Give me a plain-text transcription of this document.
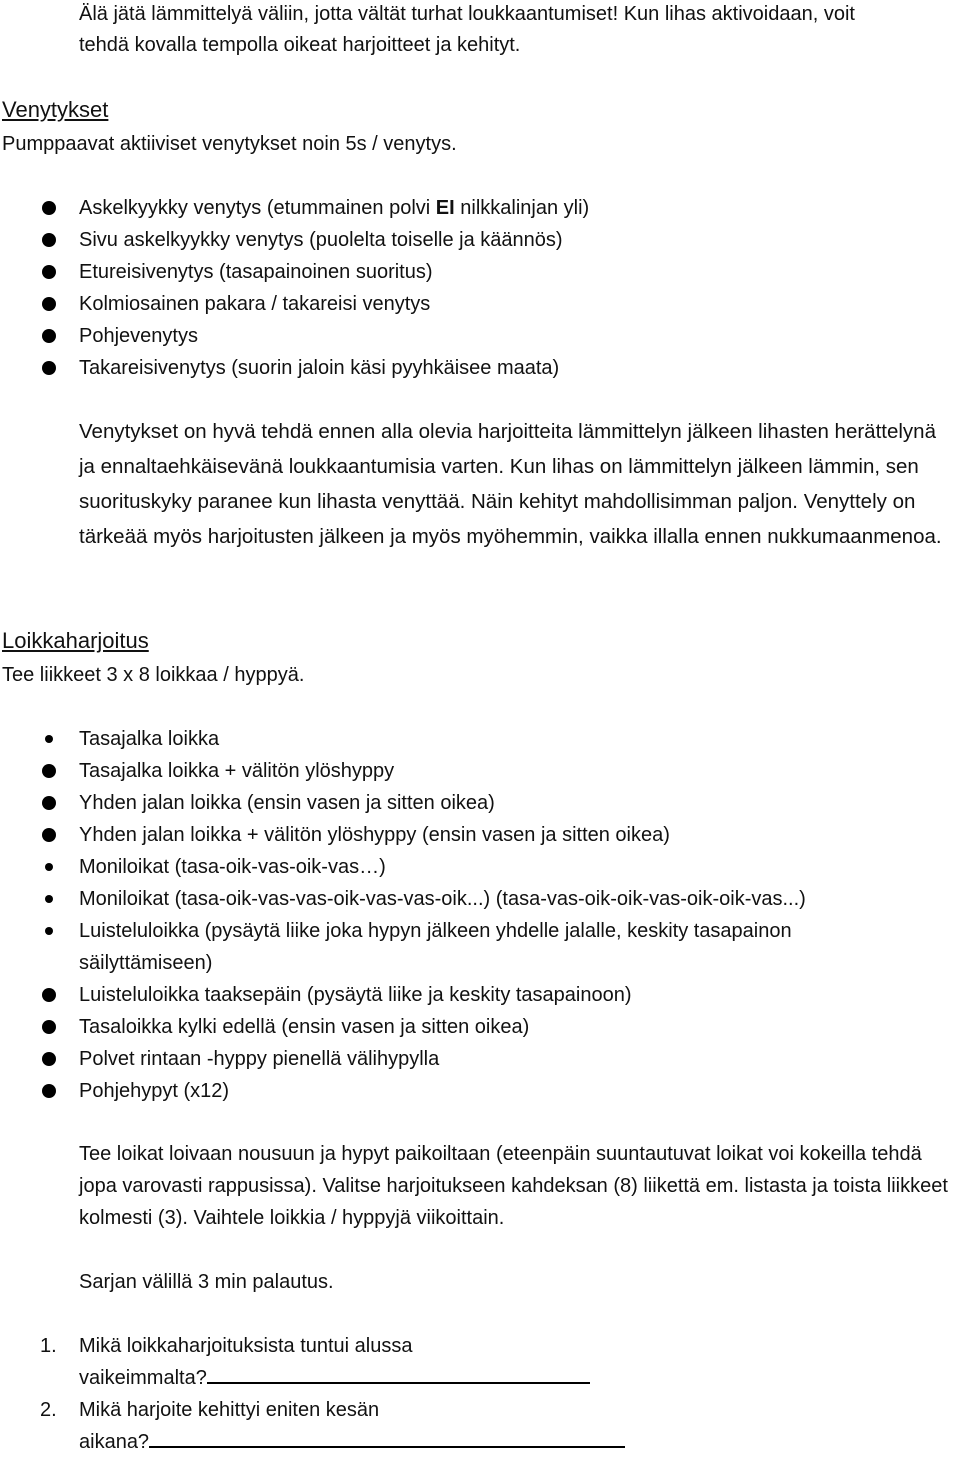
Älä jätä lämmittelyä väliin, jotta vältät turhat loukkaantumiset! Kun lihas aktivoidaan, voit
tehdä kovalla tempolla oikeat harjoitteet ja kehityt.
Venytykset
Pumppaavat aktiiviset venytykset noin 5s / venytys.
Askelkyykky venytys (etummainen polvi EI nilkkalinjan yli)
Sivu askelkyykky venytys (puolelta toiselle ja käännös)
Etureisivenytys (tasapainoinen suoritus)
Kolmiosainen pakara / takareisi venytys
Pohjevenytys
Takareisivenytys (suorin jaloin käsi pyyhkäisee maata)

Venytykset on hyvä tehdä ennen alla olevia harjoitteita lämmittelyn jälkeen lihasten herättelynä ja ennaltaehkäisevänä loukkaantumisia varten. Kun lihas on lämmittelyn jälkeen lämmin, sen suorituskyky paranee kun lihasta venyttää. Näin kehityt mahdollisimman paljon. Venyttely on tärkeää myös harjoitusten jälkeen ja myös myöhemmin, vaikka illalla ennen nukkumaanmenoa.

Loikkaharjoitus
Tee liikkeet 3 x 8 loikkaa / hyppyä.
Tasajalka loikka
Tasajalka loikka + välitön ylöshyppy
Yhden jalan loikka (ensin vasen ja sitten oikea)
Yhden jalan loikka + välitön ylöshyppy (ensin vasen ja sitten oikea)
Moniloikat (tasa-oik-vas-oik-vas…)
Moniloikat (tasa-oik-vas-vas-oik-vas-vas-oik...) (tasa-vas-oik-oik-vas-oik-oik-vas...)
Luisteluloikka (pysäytä liike joka hypyn jälkeen yhdelle jalalle, keskity tasapainon säilyttämiseen)
Luisteluloikka taaksepäin (pysäytä liike ja keskity tasapainoon)
Tasaloikka kylki edellä (ensin vasen ja sitten oikea)
Polvet rintaan -hyppy pienellä välihypylla
Pohjehypyt (x12)

Tee loikat loivaan nousuun ja hypyt paikoiltaan (eteenpäin suuntautuvat loikat voi kokeilla tehdä jopa varovasti rappusissa). Valitse harjoitukseen kahdeksan (8) liikettä em. listasta ja toista liikkeet kolmesti (3). Vaihtele loikkia / hyppyjä viikoittain.

Sarjan välillä 3 min palautus.
1. Mikä loikkaharjoituksista tuntui alussa
vaikeimmalta?
2. Mikä harjoite kehittyi eniten kesän
aikana?
